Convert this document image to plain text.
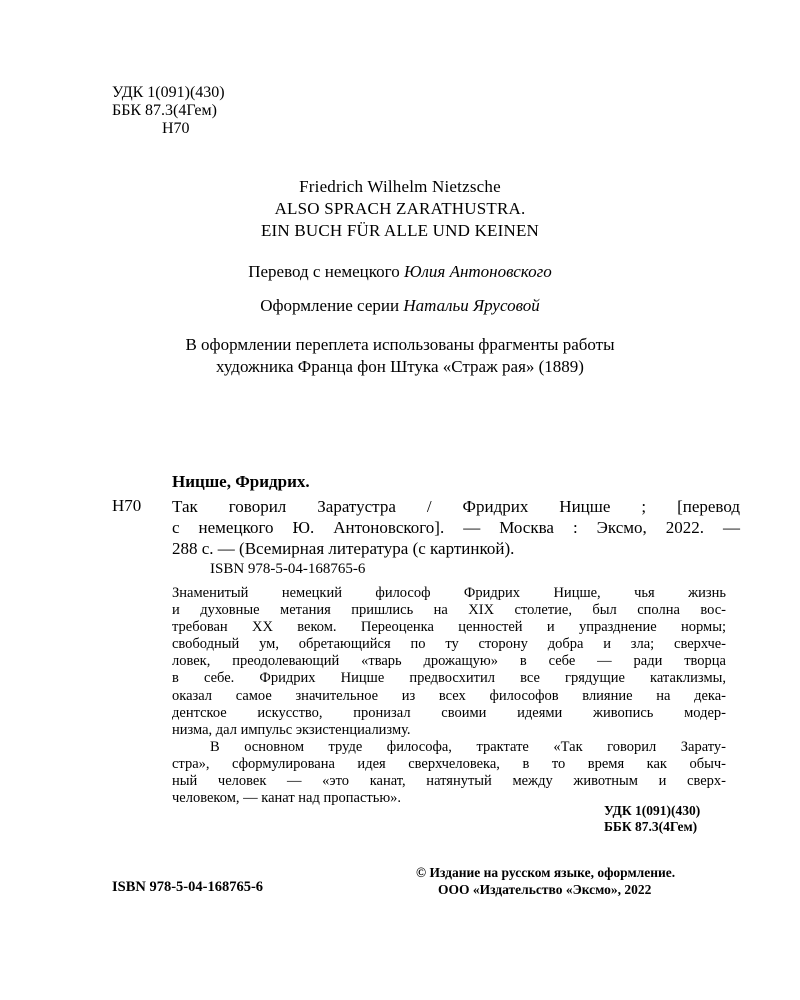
УДК 1(091)(430)
ББК 87.3(4Гем)
Н70
Friedrich Wilhelm Nietzsche
ALSO SPRACH ZARATHUSTRA.
EIN BUCH FÜR ALLE UND KEINEN
Перевод с немецкого Юлия Антоновского
Оформление серии Натальи Ярусовой
В оформлении переплета использованы фрагменты работы
художника Франца фон Штука «Страж рая» (1889)
Ницше, Фридрих.
Н70 Так говорил Заратустра / Фридрих Ницше ; [перевод
с немецкого Ю. Антоновского]. — Москва : Эксмо, 2022. —
288 с. — (Всемирная литература (с картинкой).
ISBN 978-5-04-168765-6
Знаменитый немецкий философ Фридрих Ницше, чья жизнь
и духовные метания пришлись на XIX столетие, был сполна вос-
требован XX веком. Переоценка ценностей и упразднение нормы;
свободный ум, обретающийся по ту сторону добра и зла; сверхче-
ловек, преодолевающий «тварь дрожащую» в себе — ради творца
в себе. Фридрих Ницше предвосхитил все грядущие катаклизмы,
оказал самое значительное из всех философов влияние на дека-
дентское искусство, пронизал своими идеями живопись модер-
низма, дал импульс экзистенциализму.
В основном труде философа, трактате «Так говорил Зарату-
стра», сформулирована идея сверхчеловека, в то время как обыч-
ный человек — «это канат, натянутый между животным и сверх-
человеком, — канат над пропастью».
УДК 1(091)(430)
ББК 87.3(4Гем)
© Издание на русском языке, оформление.
ООО «Издательство «Эксмо», 2022
ISBN 978-5-04-168765-6
